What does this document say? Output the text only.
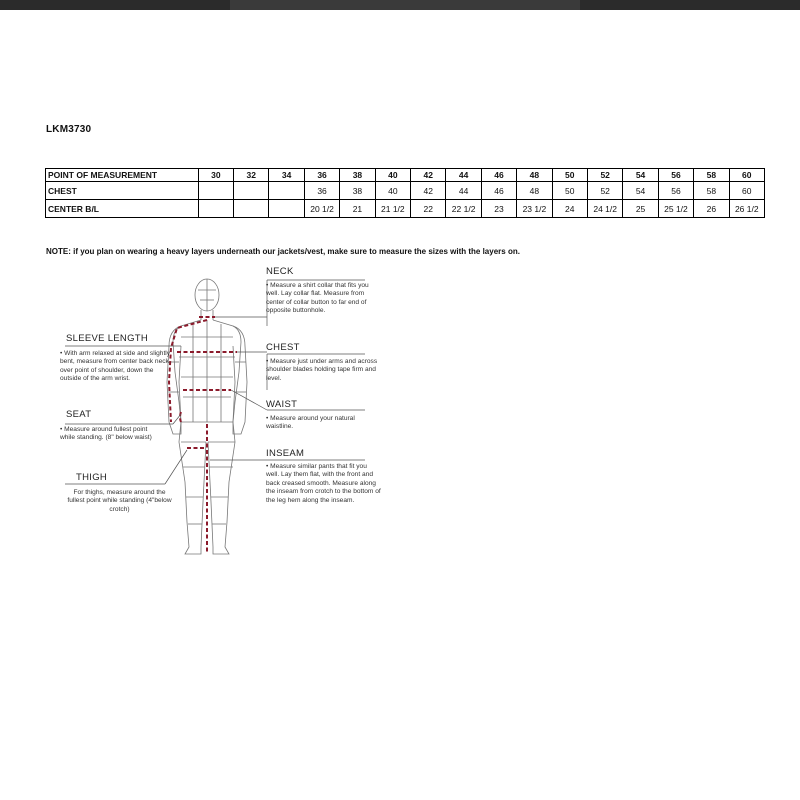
LKM3730
POINT OF MEASUREMENT	30	32	34	36	38	40	42	44	46	48	50	52	54	56	58	60
CHEST				36	38	40	42	44	46	48	50	52	54	56	58	60
CENTER B/L				20 1/2	21	21 1/2	22	22 1/2	23	23 1/2	24	24 1/2	25	25 1/2	26	26 1/2
NOTE: if you plan on wearing a heavy layers underneath our jackets/vest, make sure to measure the sizes with the layers on.
NECK
• Measure a shirt collar that fits you well. Lay collar flat. Measure from center of collar button to far end of opposite buttonhole.
SLEEVE LENGTH
• With arm relaxed at side and slightly bent, measure from center back neck, over point of shoulder, down the outside of the arm wrist.
CHEST
• Measure just under arms and across shoulder blades holding tape firm and level.
WAIST
• Measure around your natural waistline.
SEAT
• Measure around fullest point while standing. (8" below waist)
INSEAM
• Measure similar pants that fit you well. Lay them flat, with the front and back creased smooth. Measure along the inseam from crotch to the bottom of the leg hem along the inseam.
THIGH
For thighs, measure around the fullest point while standing (4"below crotch)
